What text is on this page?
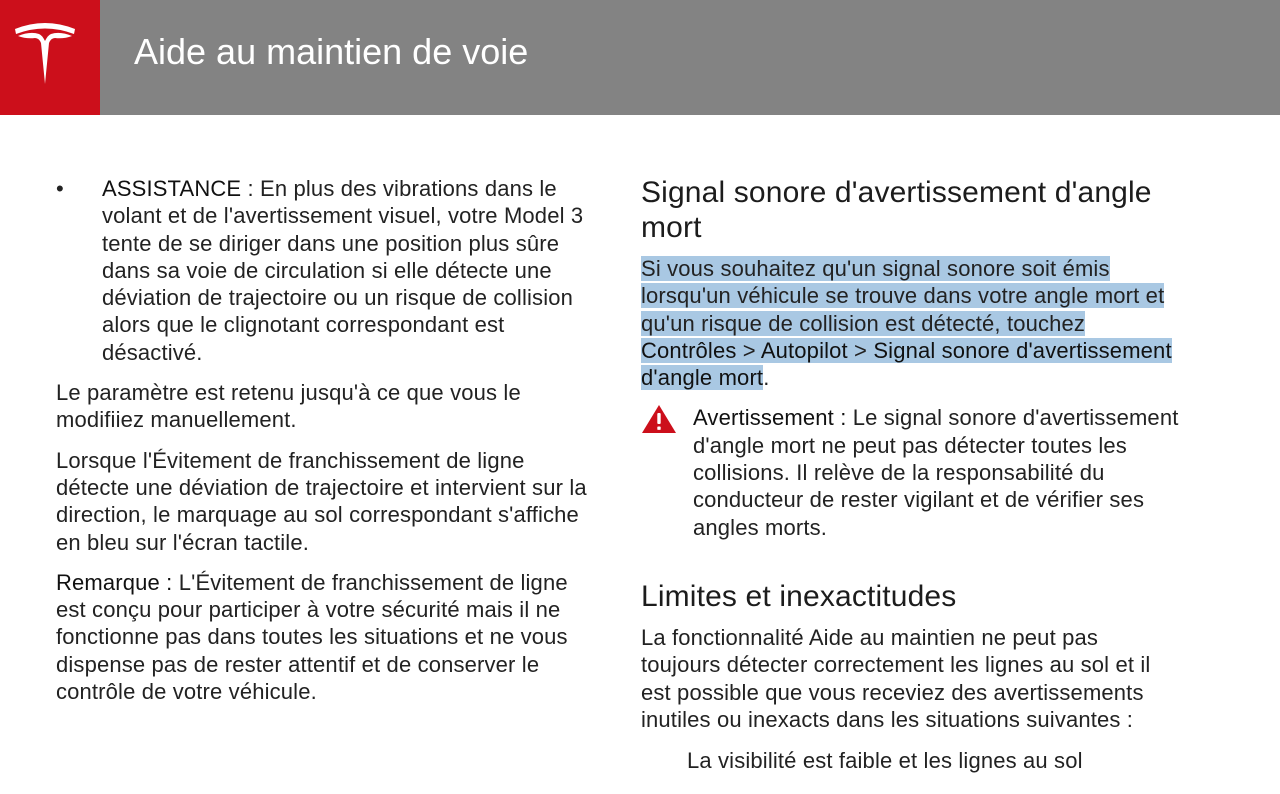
Aide au maintien de voie
• ASSISTANCE : En plus des vibrations dans le volant et de l'avertissement visuel, votre Model 3 tente de se diriger dans une position plus sûre dans sa voie de circulation si elle détecte une déviation de trajectoire ou un risque de collision alors que le clignotant correspondant est désactivé.

Le paramètre est retenu jusqu'à ce que vous le modifiiez manuellement.

Lorsque l'Évitement de franchissement de ligne détecte une déviation de trajectoire et intervient sur la direction, le marquage au sol correspondant s'affiche en bleu sur l'écran tactile.

Remarque : L'Évitement de franchissement de ligne est conçu pour participer à votre sécurité mais il ne fonctionne pas dans toutes les situations et ne vous dispense pas de rester attentif et de conserver le contrôle de votre véhicule.

Signal sonore d'avertissement d'angle mort

Si vous souhaitez qu'un signal sonore soit émis lorsqu'un véhicule se trouve dans votre angle mort et qu'un risque de collision est détecté, touchez Contrôles > Autopilot > Signal sonore d'avertissement d'angle mort.

Avertissement : Le signal sonore d'avertissement d'angle mort ne peut pas détecter toutes les collisions. Il relève de la responsabilité du conducteur de rester vigilant et de vérifier ses angles morts.
Limites et inexactitudes

La fonctionnalité Aide au maintien ne peut pas toujours détecter correctement les lignes au sol et il est possible que vous receviez des avertissements inutiles ou inexacts dans les situations suivantes :

La visibilité est faible et les lignes au sol
